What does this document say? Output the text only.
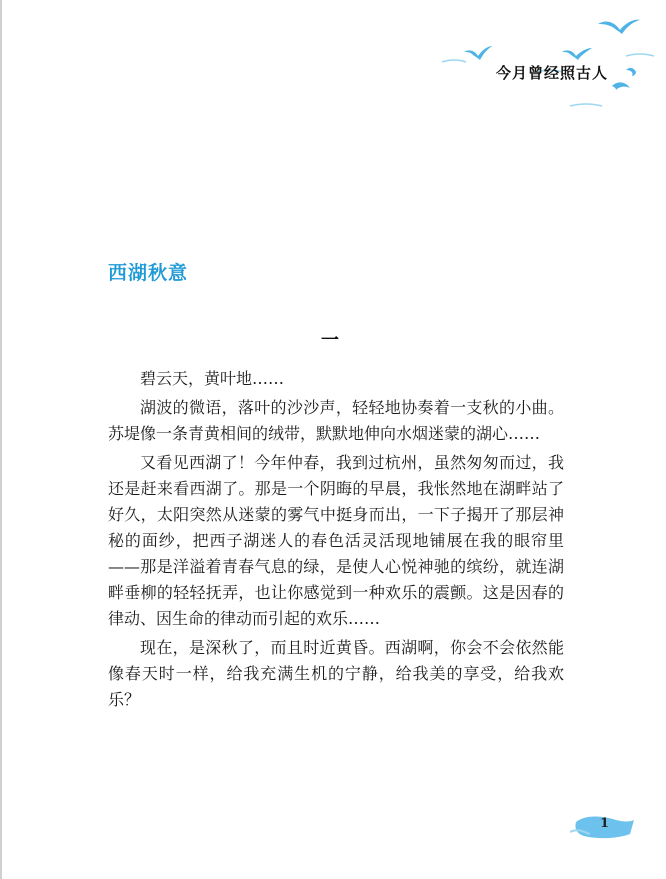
今月曾经照古人
西湖秋意
一

碧云天，黄叶地……

湖波的微语，落叶的沙沙声，轻轻地协奏着一支秋的小曲。苏堤像一条青黄相间的绒带，默默地伸向水烟迷蒙的湖心……

又看见西湖了！今年仲春，我到过杭州，虽然匆匆而过，我还是赶来看西湖了。那是一个阴晦的早晨，我怅然地在湖畔站了好久，太阳突然从迷蒙的雾气中挺身而出，一下子揭开了那层神秘的面纱，把西子湖迷人的春色活灵活现地铺展在我的眼帘里——那是洋溢着青春气息的绿，是使人心悦神驰的缤纷，就连湖畔垂柳的轻轻抚弄，也让你感觉到一种欢乐的震颤。这是因春的律动、因生命的律动而引起的欢乐……

现在，是深秋了，而且时近黄昏。西湖啊，你会不会依然能像春天时一样，给我充满生机的宁静，给我美的享受，给我欢乐？

1
